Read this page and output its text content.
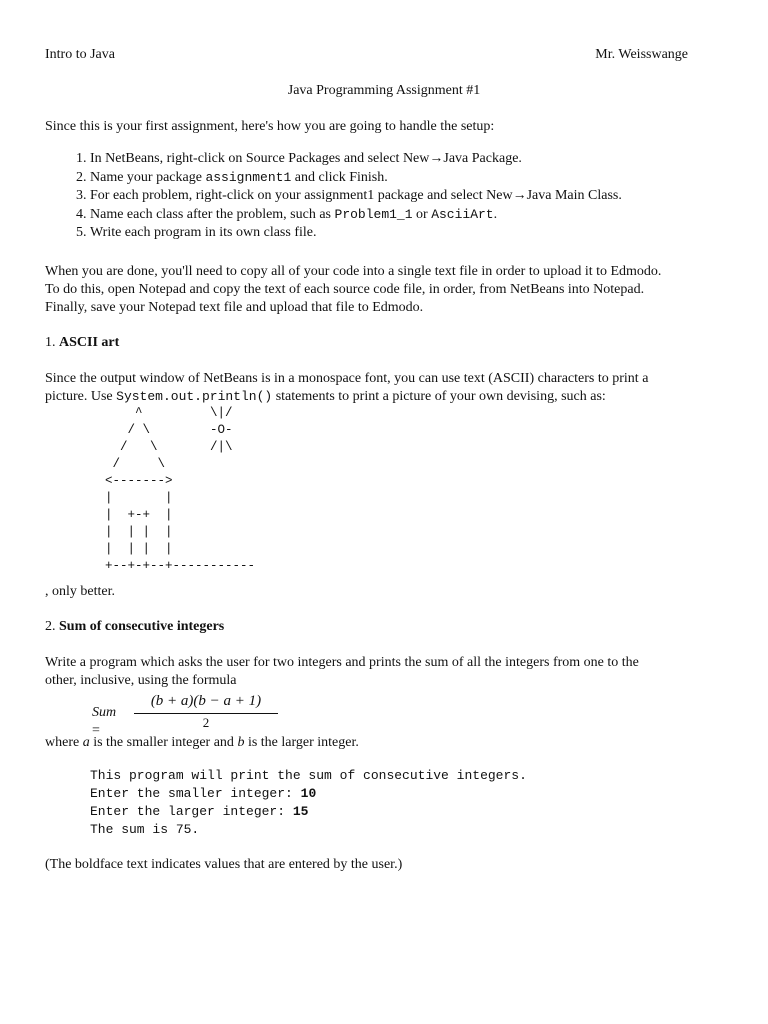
Intro to Java	Mr. Weisswange
Java Programming Assignment #1
Since this is your first assignment, here's how you are going to handle the setup:
1. In NetBeans, right-click on Source Packages and select New→Java Package.
2. Name your package assignment1 and click Finish.
3. For each problem, right-click on your assignment1 package and select New→Java Main Class.
4. Name each class after the problem, such as Problem1_1 or AsciiArt.
5. Write each program in its own class file.
When you are done, you'll need to copy all of your code into a single text file in order to upload it to Edmodo.
To do this, open Notepad and copy the text of each source code file, in order, from NetBeans into Notepad.
Finally, save your Notepad text file and upload that file to Edmodo.
1. ASCII art
Since the output window of NetBeans is in a monospace font, you can use text (ASCII) characters to print a
picture. Use System.out.println() statements to print a picture of your own devising, such as:
^         \|/
/ \        -O-
/   \       /|\
/     \
<------->
|       |
|  +-+  |
|  | |  |
|  | |  |
+--+-+--+-----------
, only better.
2. Sum of consecutive integers
Write a program which asks the user for two integers and prints the sum of all the integers from one to the
other, inclusive, using the formula
Sum =	$\frac{(b + a)(b - a + 1)}{2}$
where a is the smaller integer and b is the larger integer.
This program will print the sum of consecutive integers.
Enter the smaller integer: 10
Enter the larger integer: 15
The sum is 75.
(The boldface text indicates values that are entered by the user.)
